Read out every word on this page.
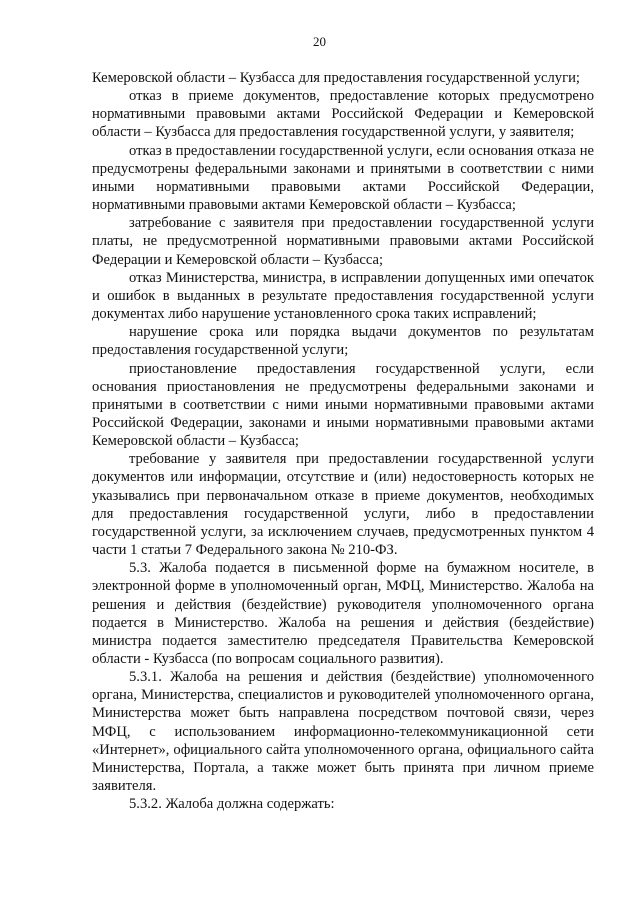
20

Кемеровской области – Кузбасса для предоставления государственной услуги;

отказ в приеме документов, предоставление которых предусмотрено нормативными правовыми актами Российской Федерации и Кемеровской области – Кузбасса для предоставления государственной услуги, у заявителя;

отказ в предоставлении государственной услуги, если основания отказа не предусмотрены федеральными законами и принятыми в соответствии с ними иными нормативными правовыми актами Российской Федерации, нормативными правовыми актами Кемеровской области – Кузбасса;

затребование с заявителя при предоставлении государственной услуги платы, не предусмотренной нормативными правовыми актами Российской Федерации и Кемеровской области – Кузбасса;

отказ Министерства, министра, в исправлении допущенных ими опечаток и ошибок в выданных в результате предоставления государственной услуги документах либо нарушение установленного срока таких исправлений;

нарушение срока или порядка выдачи документов по результатам предоставления государственной услуги;

приостановление предоставления государственной услуги, если основания приостановления не предусмотрены федеральными законами и принятыми в соответствии с ними иными нормативными правовыми актами Российской Федерации, законами и иными нормативными правовыми актами Кемеровской области – Кузбасса;

требование у заявителя при предоставлении государственной услуги документов или информации, отсутствие и (или) недостоверность которых не указывались при первоначальном отказе в приеме документов, необходимых для предоставления государственной услуги, либо в предоставлении государственной услуги, за исключением случаев, предусмотренных пунктом 4 части 1 статьи 7 Федерального закона № 210-ФЗ.

5.3. Жалоба подается в письменной форме на бумажном носителе, в электронной форме в уполномоченный орган, МФЦ, Министерство. Жалоба на решения и действия (бездействие) руководителя уполномоченного органа подается в Министерство. Жалоба на решения и действия (бездействие) министра подается заместителю председателя Правительства Кемеровской области - Кузбасса (по вопросам социального развития).

5.3.1. Жалоба на решения и действия (бездействие) уполномоченного органа, Министерства, специалистов и руководителей уполномоченного органа, Министерства может быть направлена посредством почтовой связи, через МФЦ, с использованием информационно-телекоммуникационной сети «Интернет», официального сайта уполномоченного органа, официального сайта Министерства, Портала, а также может быть принята при личном приеме заявителя.

5.3.2. Жалоба должна содержать:
